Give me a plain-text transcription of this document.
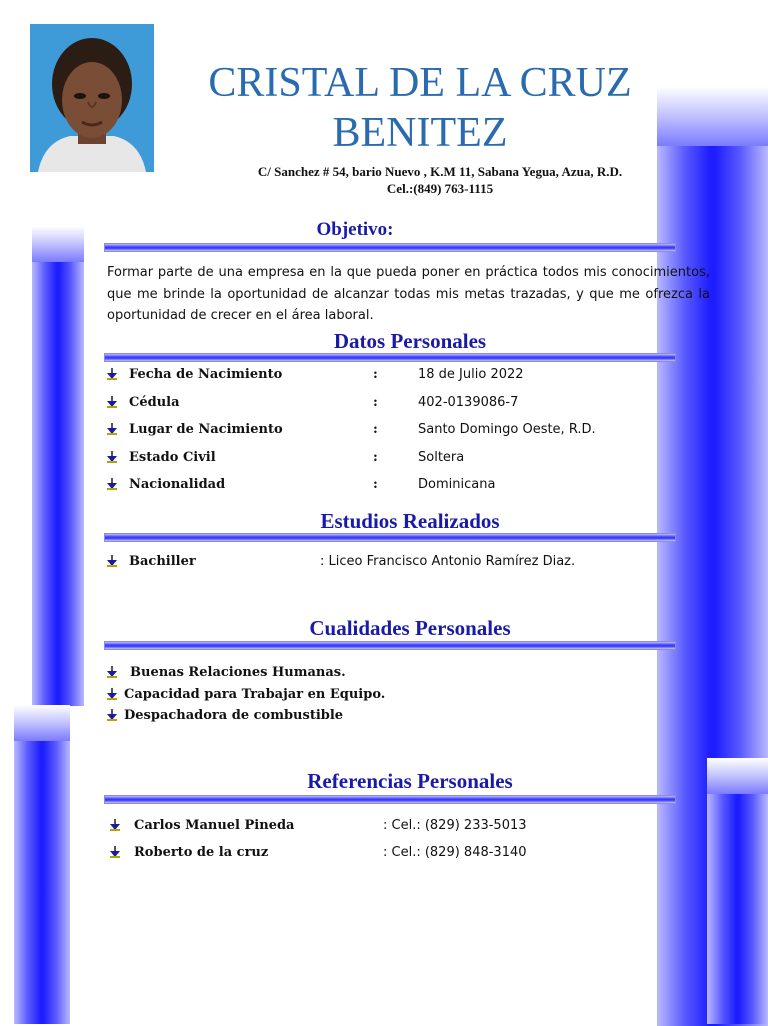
CRISTAL DE LA CRUZ
BENITEZ
C/ Sanchez # 54, bario Nuevo , K.M 11, Sabana Yegua, Azua, R.D.
Cel.:(849) 763-1115
Objetivo:
Formar parte de una empresa en la que pueda poner en práctica todos mis conocimientos, que me brinde la oportunidad de alcanzar todas mis metas trazadas, y que me ofrezca la oportunidad de crecer en el área laboral.
Datos Personales
Fecha de Nacimiento	:	18 de Julio 2022
Cédula	:	402-0139086-7
Lugar de Nacimiento	:	Santo Domingo Oeste, R.D.
Estado Civil	:	Soltera
Nacionalidad	:	Dominicana
Estudios Realizados
Bachiller	: Liceo Francisco Antonio Ramírez Diaz.
Cualidades Personales
Buenas Relaciones Humanas.
Capacidad para Trabajar en Equipo.
Despachadora de combustible
Referencias Personales
Carlos Manuel Pineda	: Cel.: (829) 233-5013
Roberto de la cruz	: Cel.: (829) 848-3140
